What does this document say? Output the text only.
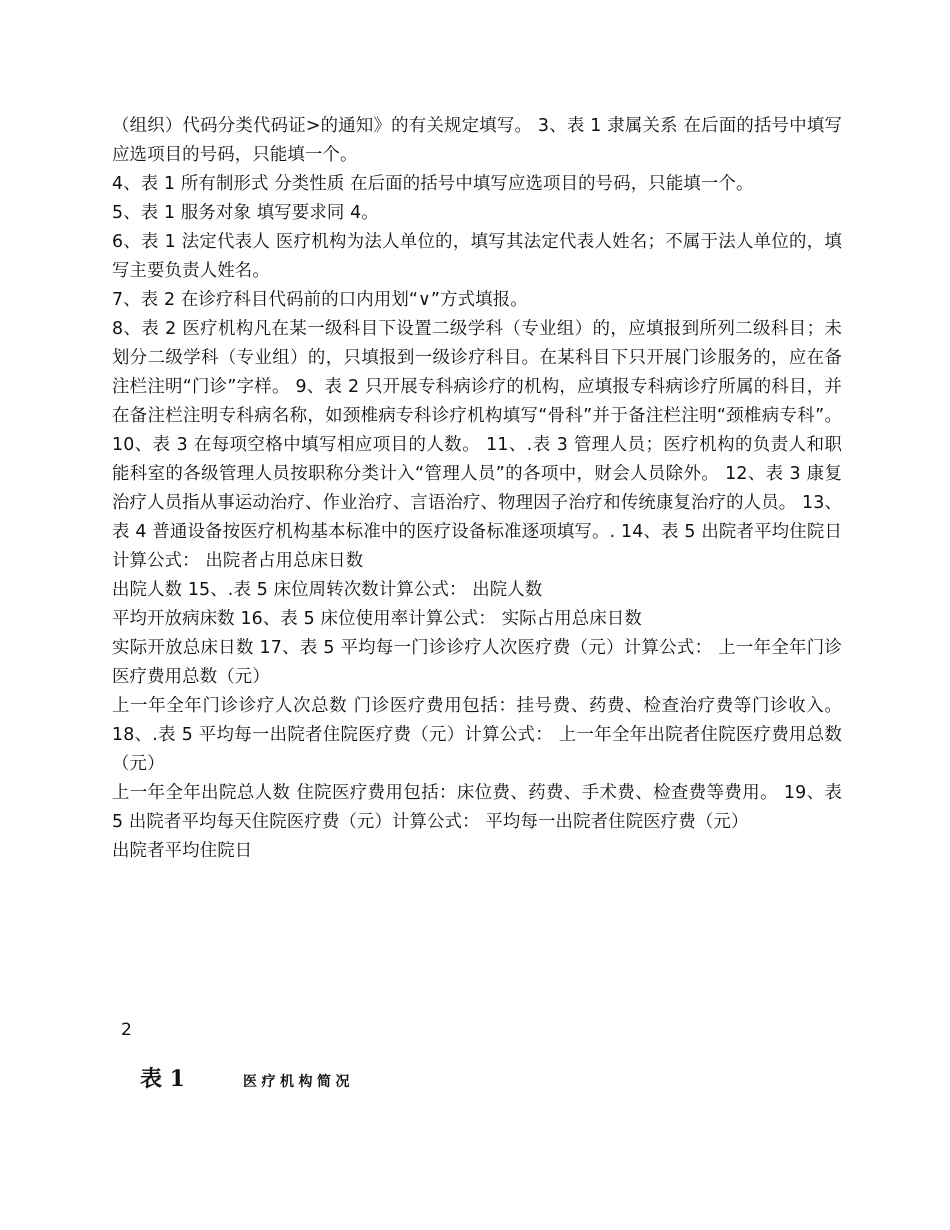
（组织）代码分类代码证>的通知》的有关规定填写。 3、表 1 隶属关系 在后面的括号中填写应选项目的号码，只能填一个。

4、表 1 所有制形式 分类性质 在后面的括号中填写应选项目的号码，只能填一个。

5、表 1 服务对象 填写要求同 4。

6、表 1 法定代表人 医疗机构为法人单位的，填写其法定代表人姓名；不属于法人单位的，填写主要负责人姓名。

7、表 2 在诊疗科目代码前的口内用划“∨”方式填报。

8、表 2 医疗机构凡在某一级科目下设置二级学科（专业组）的，应填报到所列二级科目；未划分二级学科（专业组）的，只填报到一级诊疗科目。在某科目下只开展门诊服务的，应在备注栏注明“门诊”字样。 9、表 2 只开展专科病诊疗的机构，应填报专科病诊疗所属的科目，并在备注栏注明专科病名称，如颈椎病专科诊疗机构填写“骨科”并于备注栏注明“颈椎病专科”。 10、表 3 在每项空格中填写相应项目的人数。 11、.表 3 管理人员；医疗机构的负责人和职能科室的各级管理人员按职称分类计入“管理人员”的各项中，财会人员除外。 12、表 3 康复治疗人员指从事运动治疗、作业治疗、言语治疗、物理因子治疗和传统康复治疗的人员。 13、表 4 普通设备按医疗机构基本标准中的医疗设备标准逐项填写。. 14、表 5 出院者平均住院日计算公式： 出院者占用总床日数

出院人数 15、.表 5 床位周转次数计算公式： 出院人数

平均开放病床数 16、表 5 床位使用率计算公式： 实际占用总床日数

实际开放总床日数 17、表 5 平均每一门诊诊疗人次医疗费（元）计算公式： 上一年全年门诊医疗费用总数（元）

上一年全年门诊诊疗人次总数 门诊医疗费用包括：挂号费、药费、检查治疗费等门诊收入。 18、.表 5 平均每一出院者住院医疗费（元）计算公式： 上一年全年出院者住院医疗费用总数（元）

上一年全年出院总人数 住院医疗费用包括：床位费、药费、手术费、检查费等费用。 19、表 5 出院者平均每天住院医疗费（元）计算公式： 平均每一出院者住院医疗费（元）

出院者平均住院日

2
表 1	医疗机构简况
